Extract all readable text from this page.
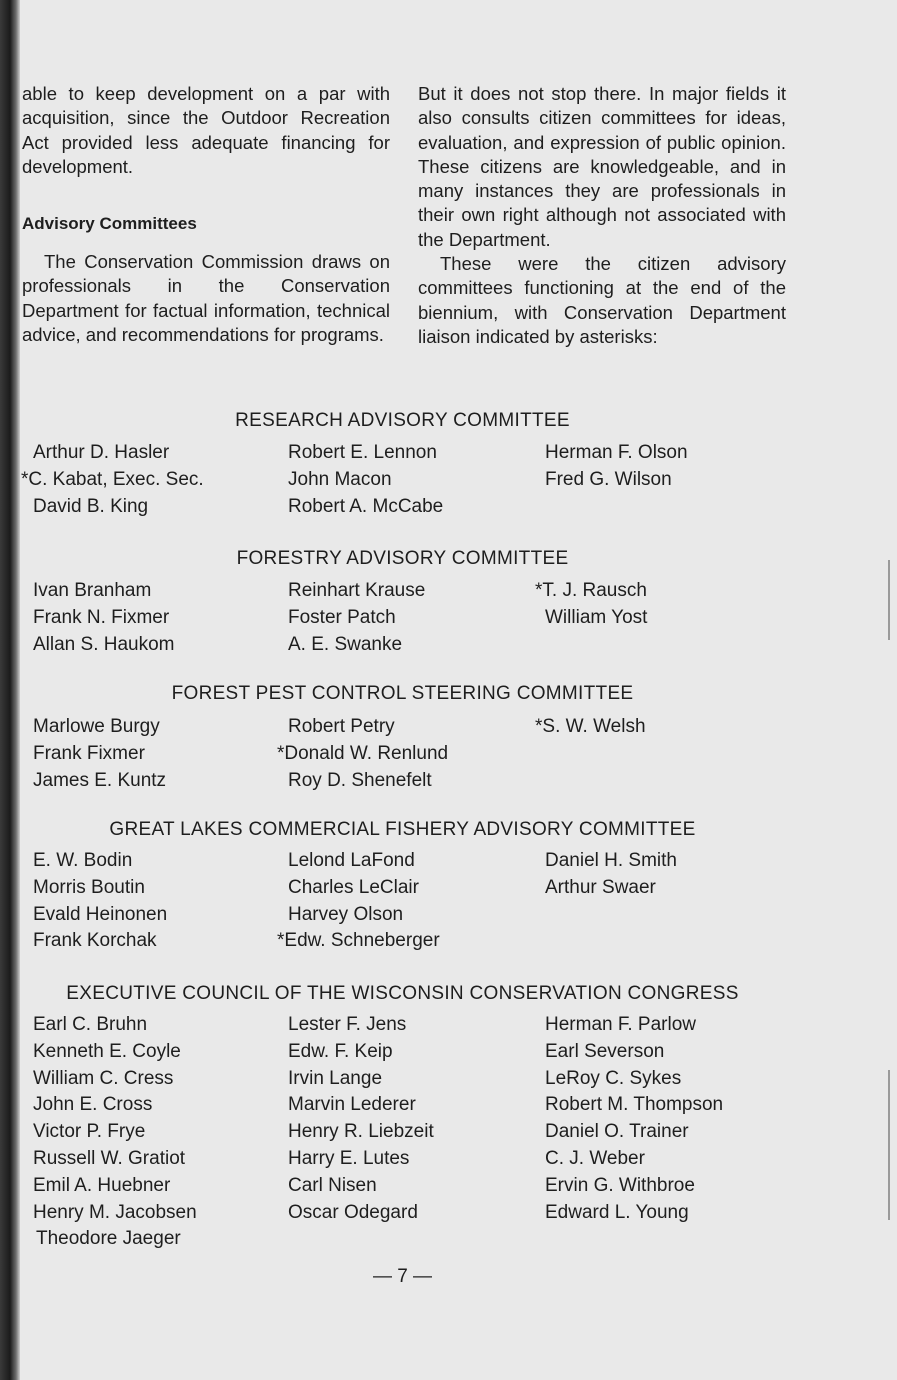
able to keep development on a par with acquisition, since the Outdoor Recreation Act provided less adequate financing for development.

Advisory Committees

The Conservation Commission draws on professionals in the Conservation Department for factual information, technical advice, and recommendations for programs.

But it does not stop there. In major fields it also consults citizen committees for ideas, evaluation, and expression of public opinion. These citizens are knowledgeable, and in many instances they are professionals in their own right although not associated with the Department.

These were the citizen advisory committees functioning at the end of the biennium, with Conservation Department liaison indicated by asterisks:

RESEARCH ADVISORY COMMITTEE
Arthur D. Hasler
*C. Kabat, Exec. Sec.
David B. King
Robert E. Lennon
John Macon
Robert A. McCabe
Herman F. Olson
Fred G. Wilson
FORESTRY ADVISORY COMMITTEE
Ivan Branham
Frank N. Fixmer
Allan S. Haukom
Reinhart Krause
Foster Patch
A. E. Swanke
*T. J. Rausch
William Yost
FOREST PEST CONTROL STEERING COMMITTEE
Marlowe Burgy
Frank Fixmer
James E. Kuntz
Robert Petry
*Donald W. Renlund
Roy D. Shenefelt
*S. W. Welsh
GREAT LAKES COMMERCIAL FISHERY ADVISORY COMMITTEE
E. W. Bodin
Morris Boutin
Evald Heinonen
Frank Korchak
Lelond LaFond
Charles LeClair
Harvey Olson
*Edw. Schneberger
Daniel H. Smith
Arthur Swaer
EXECUTIVE COUNCIL OF THE WISCONSIN CONSERVATION CONGRESS
Earl C. Bruhn
Kenneth E. Coyle
William C. Cress
John E. Cross
Victor P. Frye
Russell W. Gratiot
Emil A. Huebner
Henry M. Jacobsen
Theodore Jaeger
Lester F. Jens
Edw. F. Keip
Irvin Lange
Marvin Lederer
Henry R. Liebzeit
Harry E. Lutes
Carl Nisen
Oscar Odegard
Herman F. Parlow
Earl Severson
LeRoy C. Sykes
Robert M. Thompson
Daniel O. Trainer
C. J. Weber
Ervin G. Withbroe
Edward L. Young
— 7 —
